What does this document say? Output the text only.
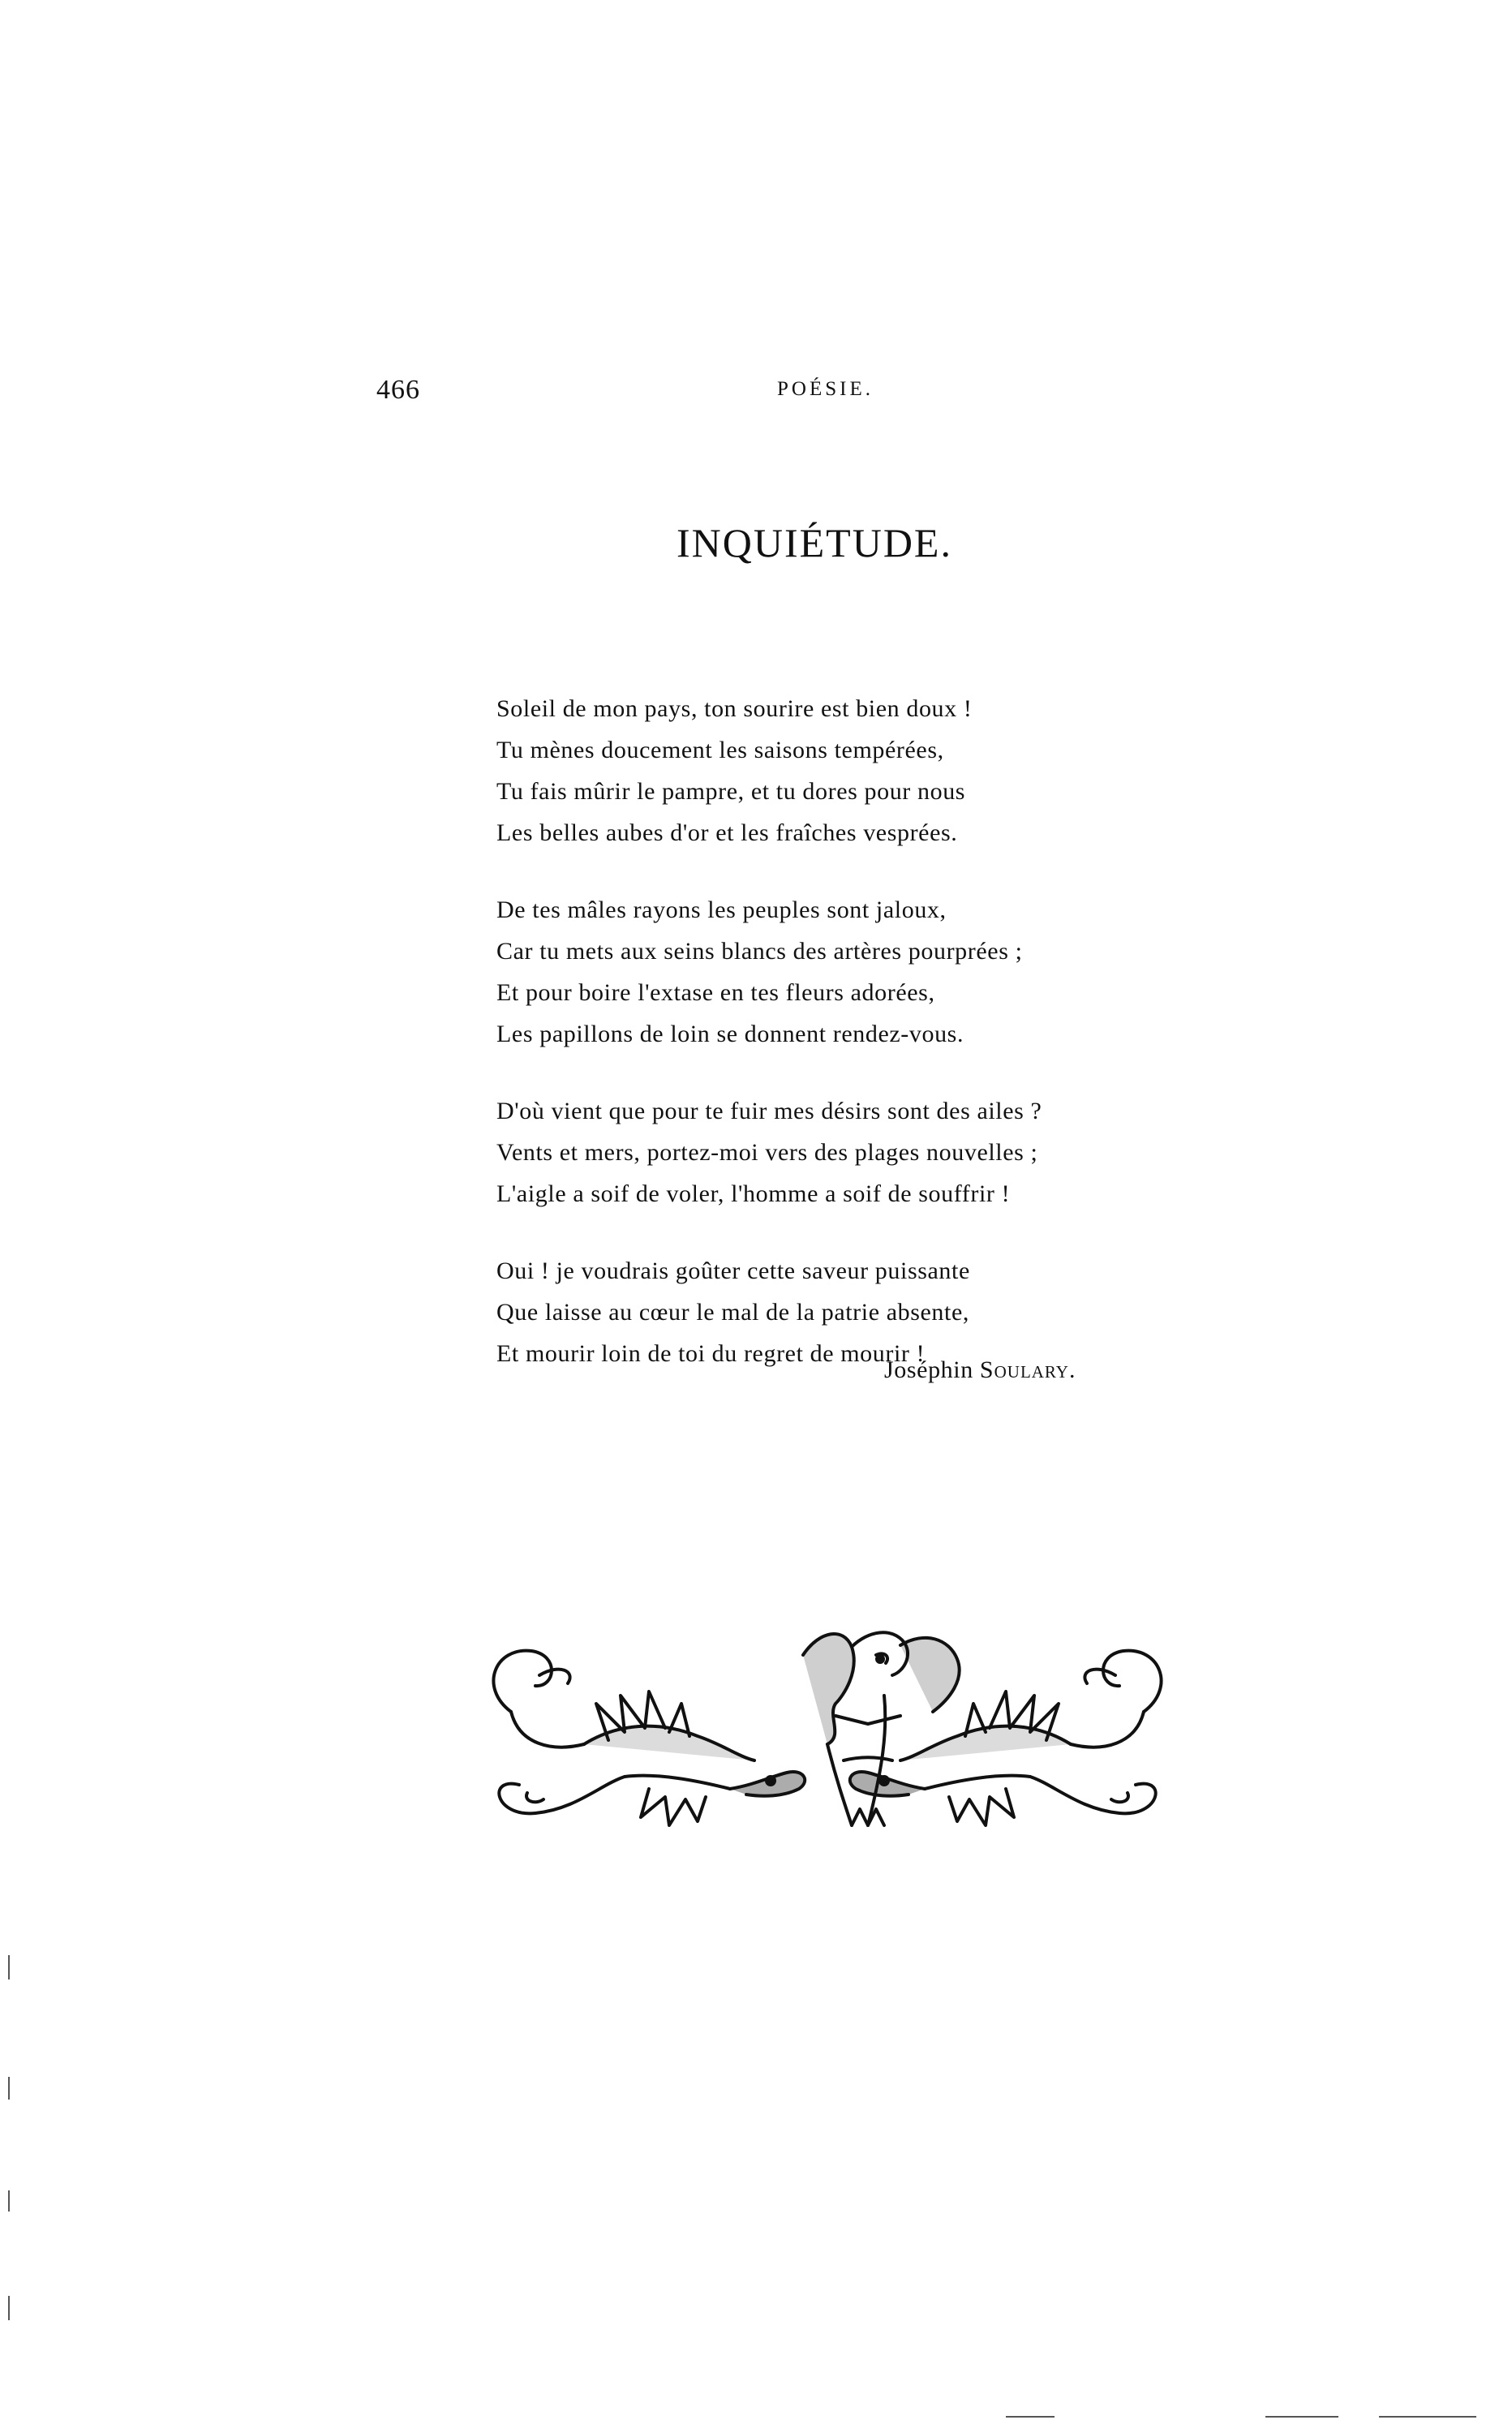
466	POÉSIE.
INQUIÉTUDE.
Soleil de mon pays, ton sourire est bien doux !
Tu mènes doucement les saisons tempérées,
Tu fais mûrir le pampre, et tu dores pour nous
Les belles aubes d'or et les fraîches vesprées.
De tes mâles rayons les peuples sont jaloux,
Car tu mets aux seins blancs des artères pourprées ;
Et pour boire l'extase en tes fleurs adorées,
Les papillons de loin se donnent rendez-vous.
D'où vient que pour te fuir mes désirs sont des ailes ?
Vents et mers, portez-moi vers des plages nouvelles ;
L'aigle a soif de voler, l'homme a soif de souffrir !
Oui ! je voudrais goûter cette saveur puissante
Que laisse au cœur le mal de la patrie absente,
Et mourir loin de toi du regret de mourir !
Joséphin Soulary.
